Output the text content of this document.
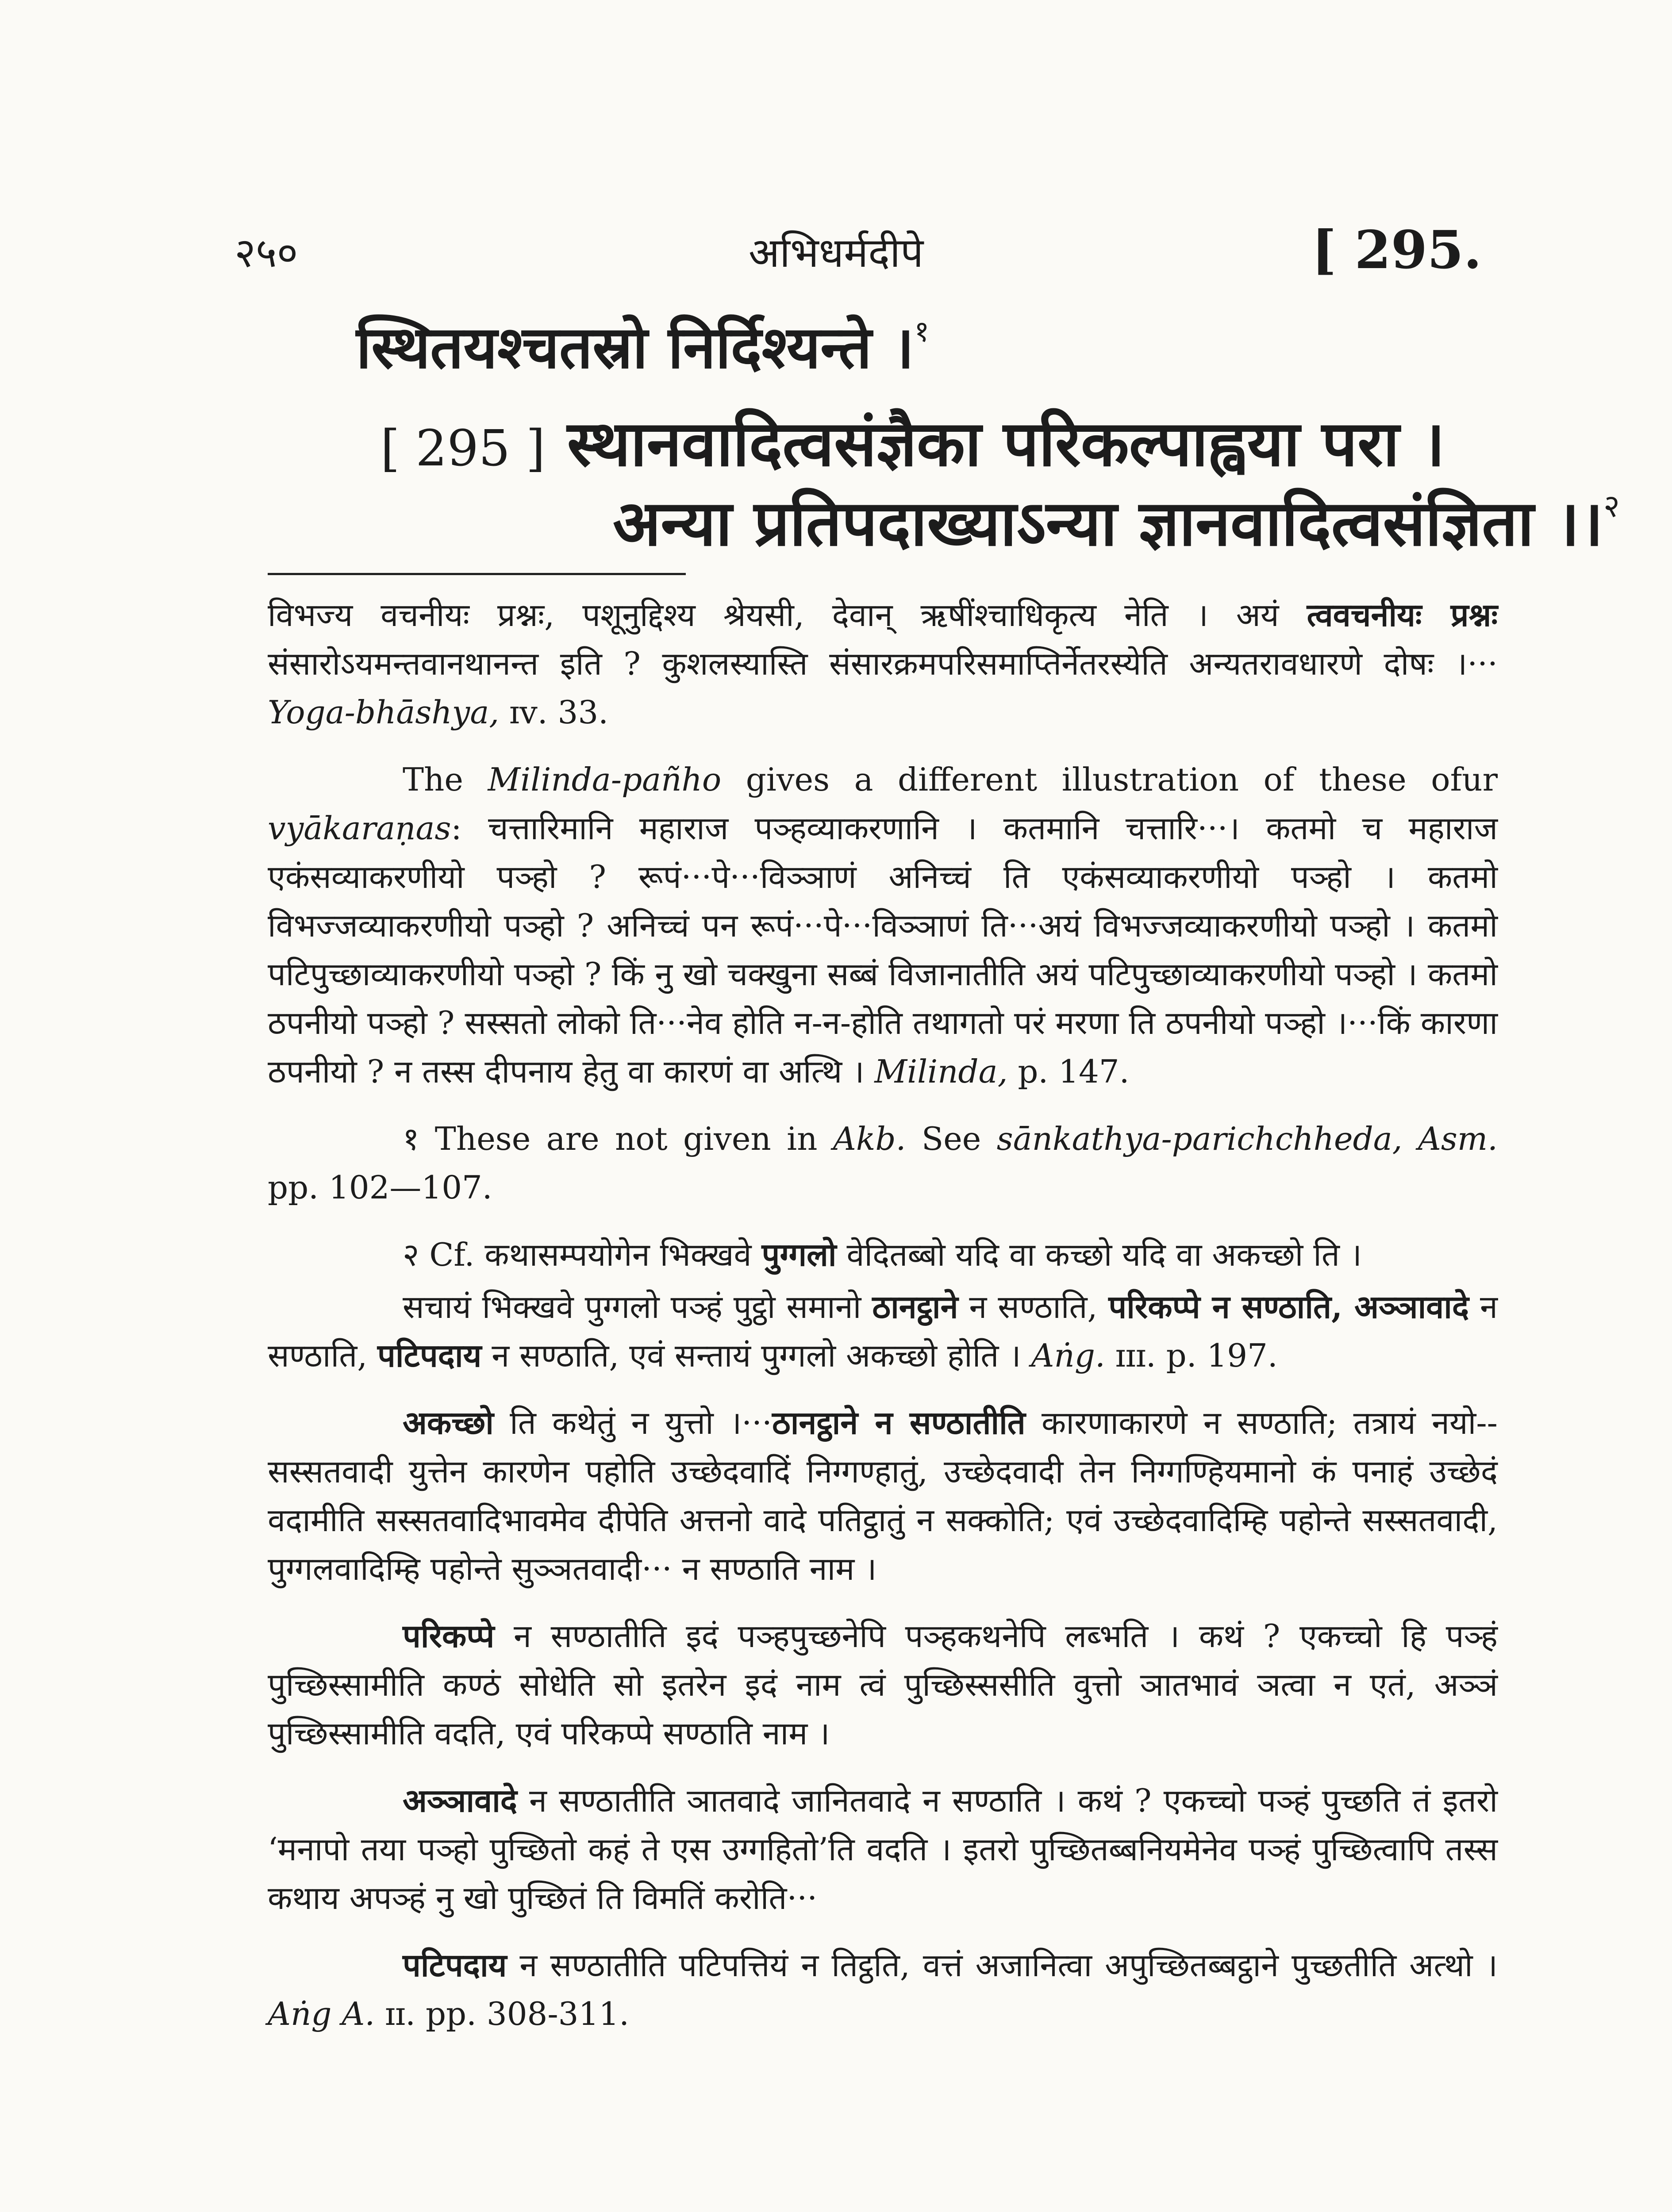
२५०	अभिधर्मदीपे	[ 295.
स्थितयश्चतस्रो निर्दिश्यन्ते ।$^१$
[ 295 ] स्थानवादित्वसंज्ञैका परिकल्पाह्वया परा ।
अन्या प्रतिपदाख्याऽन्या ज्ञानवादित्वसंज्ञिता ।।$^२$

विभज्य वचनीयः प्रश्नः, पशूनुद्दिश्य श्रेयसी, देवान् ऋषींश्चाधिकृत्य नेति । अयं त्ववचनीयः प्रश्नः संसारोऽयमन्तवानथानन्त इति ? कुशलस्यास्ति संसारक्रमपरिसमाप्तिर्नेतरस्येति अन्यतरावधारणे दोषः ।··· Yoga-bhāshya, ɪᴠ. 33.

The Milinda-pañho gives a different illustration of these ofur vyākaraṇas: चत्तारिमानि महाराज पञ्हव्याकरणानि । कतमानि चत्तारि···। कतमो च महाराज एकंसव्याकरणीयो पञ्हो ? रूपं···पे···विञ्ञाणं अनिच्चं ति एकंसव्याकरणीयो पञ्हो । कतमो विभज्जव्याकरणीयो पञ्हो ? अनिच्चं पन रूपं···पे···विञ्ञाणं ति···अयं विभज्जव्याकरणीयो पञ्हो । कतमो पटिपुच्छाव्याकरणीयो पञ्हो ? किं नु खो चक्खुना सब्बं विजानातीति अयं पटिपुच्छाव्याकरणीयो पञ्हो । कतमो ठपनीयो पञ्हो ? सस्सतो लोको ति···नेव होति न-न-होति तथागतो परं मरणा ति ठपनीयो पञ्हो ।···किं कारणा ठपनीयो ? न तस्स दीपनाय हेतु वा कारणं वा अत्थि । Milinda, p. 147.

१ These are not given in Akb. See sānkathya-parichchheda, Asm. pp. 102—107.

२ Cf. कथासम्पयोगेन भिक्खवे पुग्गलो वेदितब्बो यदि वा कच्छो यदि वा अकच्छो ति ।

सचायं भिक्खवे पुग्गलो पञ्हं पुट्ठो समानो ठानट्ठाने न सण्ठाति, परिकप्पे न सण्ठाति, अञ्ञावादे न सण्ठाति, पटिपदाय न सण्ठाति, एवं सन्तायं पुग्गलो अकच्छो होति । Aṅg. ɪɪɪ. p. 197.

अकच्छो ति कथेतुं न युत्तो ।···ठानट्ठाने न सण्ठातीति कारणाकारणे न सण्ठाति; तत्रायं नयो--सस्सतवादी युत्तेन कारणेन पहोति उच्छेदवादिं निग्गण्हातुं, उच्छेदवादी तेन निग्गण्हियमानो कं पनाहं उच्छेदं वदामीति सस्सतवादिभावमेव दीपेति अत्तनो वादे पतिट्ठातुं न सक्कोति; एवं उच्छेदवादिम्हि पहोन्ते सस्सतवादी, पुग्गलवादिम्हि पहोन्ते सुञ्ञतवादी··· न सण्ठाति नाम ।

परिकप्पे न सण्ठातीति इदं पञ्हपुच्छनेपि पञ्हकथनेपि लब्भति । कथं ? एकच्चो हि पञ्हं पुच्छिस्सामीति कण्ठं सोधेति सो इतरेन इदं नाम त्वं पुच्छिस्ससीति वुत्तो ञातभावं ञत्वा न एतं, अञ्ञं पुच्छिस्सामीति वदति, एवं परिकप्पे सण्ठाति नाम ।

अञ्ञावादे न सण्ठातीति ञातवादे जानितवादे न सण्ठाति । कथं ? एकच्चो पञ्हं पुच्छति तं इतरो ‘मनापो तया पञ्हो पुच्छितो कहं ते एस उग्गहितो’ति वदति । इतरो पुच्छितब्बनियमेनेव पञ्हं पुच्छित्वापि तस्स कथाय अपञ्हं नु खो पुच्छितं ति विमतिं करोति···

पटिपदाय न सण्ठातीति पटिपत्तियं न तिट्ठति, वत्तं अजानित्वा अपुच्छितब्बट्ठाने पुच्छतीति अत्थो । Aṅg A. ɪɪ. pp. 308-311.
